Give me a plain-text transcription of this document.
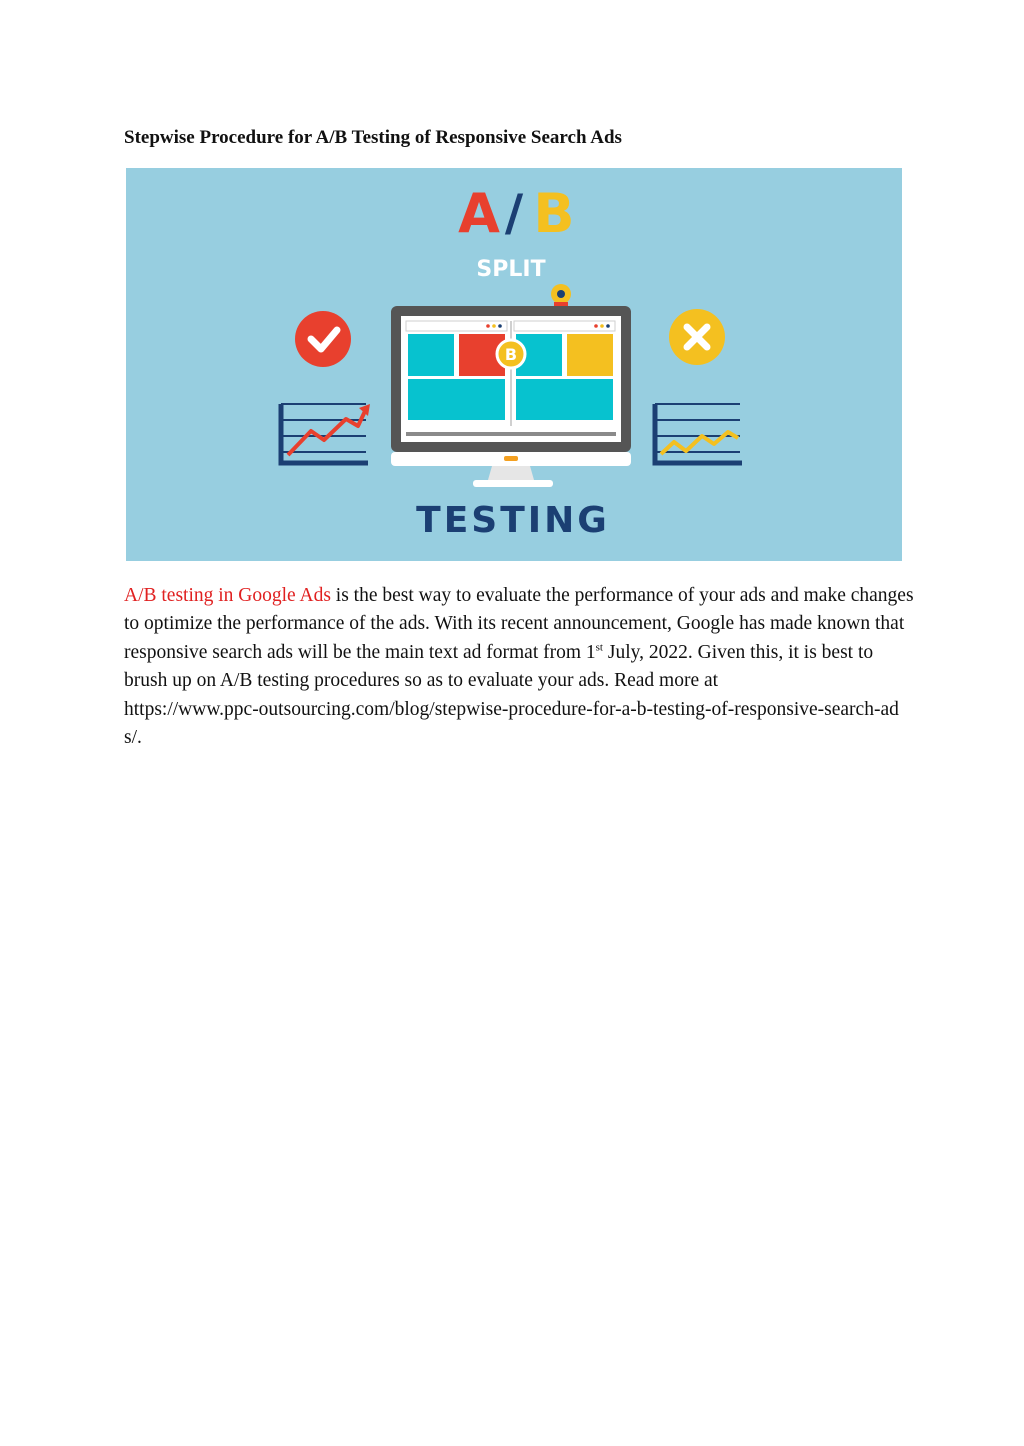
Stepwise Procedure for A/B Testing of Responsive Search Ads
A / B
SPLIT
B
TESTING

A/B testing in Google Ads is the best way to evaluate the performance of your ads and make changes to optimize the performance of the ads. With its recent announcement, Google has made known that responsive search ads will be the main text ad format from 1st July, 2022. Given this, it is best to brush up on A/B testing procedures so as to evaluate your ads. Read more at
https://www.ppc-outsourcing.com/blog/stepwise-procedure-for-a-b-testing-of-responsive-search-ads/.
